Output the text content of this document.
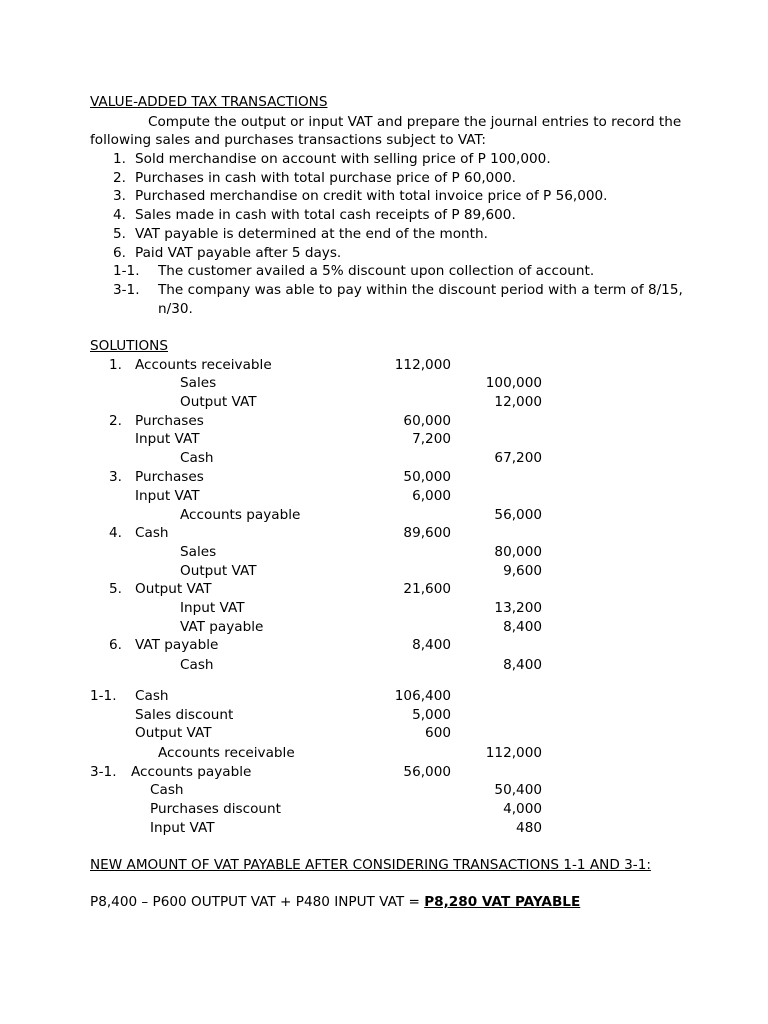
VALUE-ADDED TAX TRANSACTIONS
Compute the output or input VAT and prepare the journal entries to record the
following sales and purchases transactions subject to VAT:
1. Sold merchandise on account with selling price of P 100,000.
2. Purchases in cash with total purchase price of P 60,000.
3. Purchased merchandise on credit with total invoice price of P 56,000.
4. Sales made in cash with total cash receipts of P 89,600.
5. VAT payable is determined at the end of the month.
6. Paid VAT payable after 5 days.
1-1. The customer availed a 5% discount upon collection of account.
3-1. The company was able to pay within the discount period with a term of 8/15,
n/30.
SOLUTIONS
1. Accounts receivable	112,000
Sales	100,000
Output VAT	12,000
2. Purchases	60,000
Input VAT	7,200
Cash	67,200
3. Purchases	50,000
Input VAT	6,000
Accounts payable	56,000
4. Cash	89,600
Sales	80,000
Output VAT	9,600
5. Output VAT	21,600
Input VAT	13,200
VAT payable	8,400
6. VAT payable	8,400
Cash	8,400
1-1. Cash	106,400
Sales discount	5,000
Output VAT	600
Accounts receivable	112,000
3-1. Accounts payable	56,000
Cash	50,400
Purchases discount	4,000
Input VAT	480
NEW AMOUNT OF VAT PAYABLE AFTER CONSIDERING TRANSACTIONS 1-1 AND 3-1:
P8,400 – P600 OUTPUT VAT + P480 INPUT VAT = P8,280 VAT PAYABLE
